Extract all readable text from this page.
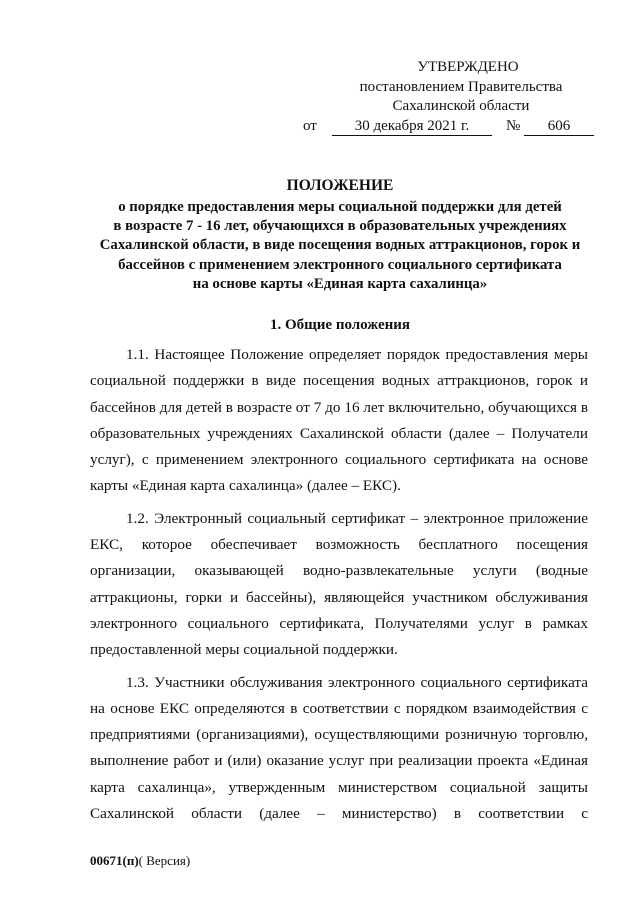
УТВЕРЖДЕНО
постановлением Правительства
Сахалинской области
от	30 декабря 2021 г.	№	606
ПОЛОЖЕНИЕ
о порядке предоставления меры социальной поддержки для детей
в возрасте 7 - 16 лет, обучающихся в образовательных учреждениях
Сахалинской области, в виде посещения водных аттракционов, горок и
бассейнов с применением электронного социального сертификата
на основе карты «Единая карта сахалинца»
1. Общие положения

1.1. Настоящее Положение определяет порядок предоставления меры
социальной поддержки в виде посещения водных аттракционов, горок и
бассейнов для детей в возрасте от 7 до 16 лет включительно, обучающихся в
образовательных учреждениях Сахалинской области (далее – Получатели
услуг), с применением электронного социального сертификата на основе
карты «Единая карта сахалинца» (далее – ЕКС).

1.2. Электронный социальный сертификат – электронное приложение
ЕКС, которое обеспечивает возможность бесплатного посещения
организации, оказывающей водно-развлекательные услуги (водные
аттракционы, горки и бассейны), являющейся участником обслуживания
электронного социального сертификата, Получателями услуг в рамках
предоставленной меры социальной поддержки.

1.3. Участники обслуживания электронного социального сертификата
на основе ЕКС определяются в соответствии с порядком взаимодействия с
предприятиями (организациями), осуществляющими розничную торговлю,
выполнение работ и (или) оказание услуг при реализации проекта «Единая
карта сахалинца», утвержденным министерством социальной защиты
Сахалинской области (далее – министерство) в соответствии с

00671(п)( Версия)
